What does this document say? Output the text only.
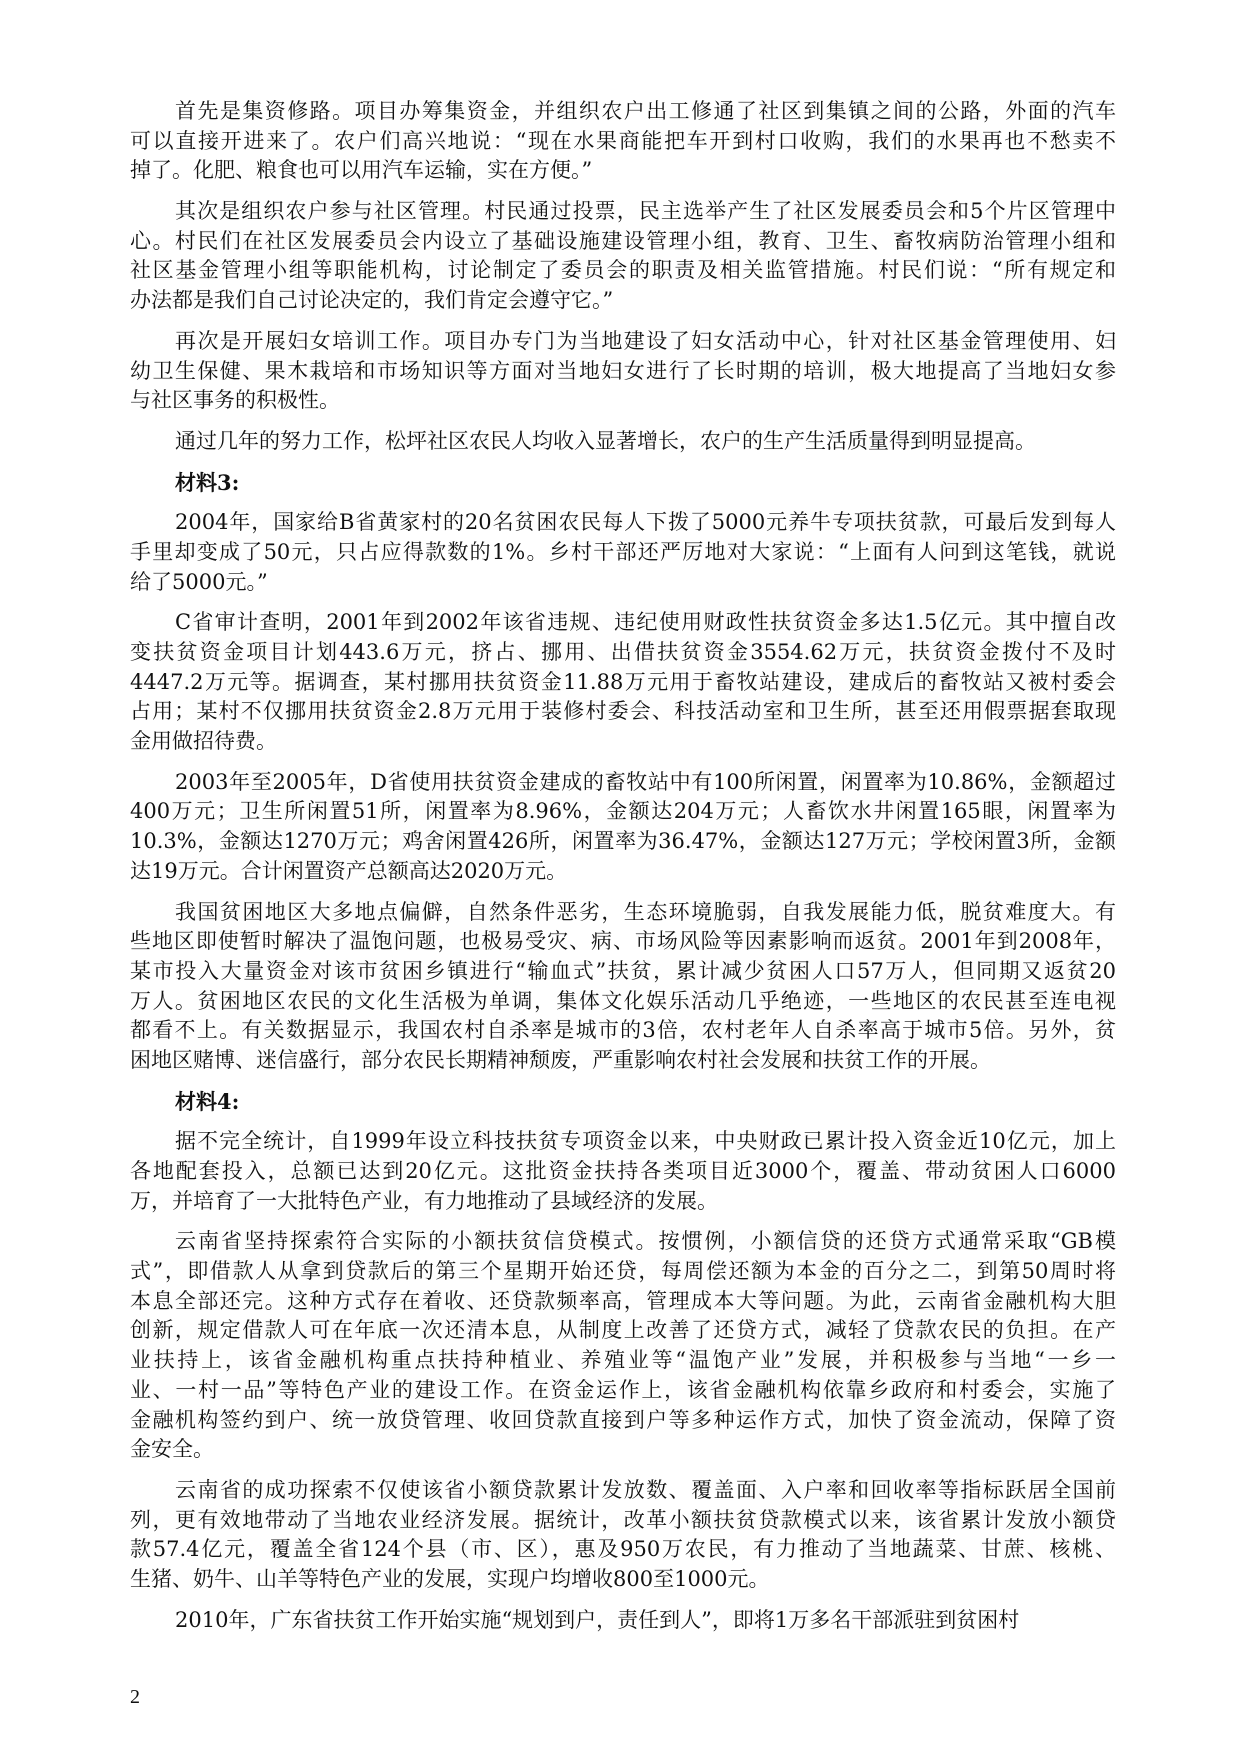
首先是集资修路。项目办筹集资金，并组织农户出工修通了社区到集镇之间的公路，外面的汽车
可以直接开进来了。农户们高兴地说：“现在水果商能把车开到村口收购，我们的水果再也不愁卖不
掉了。化肥、粮食也可以用汽车运输，实在方便。”
其次是组织农户参与社区管理。村民通过投票，民主选举产生了社区发展委员会和5个片区管理中
心。村民们在社区发展委员会内设立了基础设施建设管理小组，教育、卫生、畜牧病防治管理小组和
社区基金管理小组等职能机构，讨论制定了委员会的职责及相关监管措施。村民们说：“所有规定和
办法都是我们自己讨论决定的，我们肯定会遵守它。”
再次是开展妇女培训工作。项目办专门为当地建设了妇女活动中心，针对社区基金管理使用、妇
幼卫生保健、果木栽培和市场知识等方面对当地妇女进行了长时期的培训，极大地提高了当地妇女参
与社区事务的积极性。
通过几年的努力工作，松坪社区农民人均收入显著增长，农户的生产生活质量得到明显提高。
材料3:
2004年，国家给B省黄家村的20名贫困农民每人下拨了5000元养牛专项扶贫款，可最后发到每人
手里却变成了50元，只占应得款数的1%。乡村干部还严厉地对大家说：“上面有人问到这笔钱，就说
给了5000元。”
C省审计查明，2001年到2002年该省违规、违纪使用财政性扶贫资金多达1.5亿元。其中擅自改
变扶贫资金项目计划443.6万元，挤占、挪用、出借扶贫资金3554.62万元，扶贫资金拨付不及时
4447.2万元等。据调查，某村挪用扶贫资金11.88万元用于畜牧站建设，建成后的畜牧站又被村委会
占用；某村不仅挪用扶贫资金2.8万元用于装修村委会、科技活动室和卫生所，甚至还用假票据套取现
金用做招待费。
2003年至2005年，D省使用扶贫资金建成的畜牧站中有100所闲置，闲置率为10.86%，金额超过
400万元；卫生所闲置51所，闲置率为8.96%，金额达204万元；人畜饮水井闲置165眼，闲置率为
10.3%，金额达1270万元；鸡舍闲置426所，闲置率为36.47%，金额达127万元；学校闲置3所，金额
达19万元。合计闲置资产总额高达2020万元。
我国贫困地区大多地点偏僻，自然条件恶劣，生态环境脆弱，自我发展能力低，脱贫难度大。有
些地区即使暂时解决了温饱问题，也极易受灾、病、市场风险等因素影响而返贫。2001年到2008年，
某市投入大量资金对该市贫困乡镇进行“输血式”扶贫，累计减少贫困人口57万人，但同期又返贫20
万人。贫困地区农民的文化生活极为单调，集体文化娱乐活动几乎绝迹，一些地区的农民甚至连电视
都看不上。有关数据显示，我国农村自杀率是城市的3倍，农村老年人自杀率高于城市5倍。另外，贫
困地区赌博、迷信盛行，部分农民长期精神颓废，严重影响农村社会发展和扶贫工作的开展。
材料4:
据不完全统计，自1999年设立科技扶贫专项资金以来，中央财政已累计投入资金近10亿元，加上
各地配套投入，总额已达到20亿元。这批资金扶持各类项目近3000个，覆盖、带动贫困人口6000
万，并培育了一大批特色产业，有力地推动了县域经济的发展。
云南省坚持探索符合实际的小额扶贫信贷模式。按惯例，小额信贷的还贷方式通常采取“GB模
式”，即借款人从拿到贷款后的第三个星期开始还贷，每周偿还额为本金的百分之二，到第50周时将
本息全部还完。这种方式存在着收、还贷款频率高，管理成本大等问题。为此，云南省金融机构大胆
创新，规定借款人可在年底一次还清本息，从制度上改善了还贷方式，减轻了贷款农民的负担。在产
业扶持上，该省金融机构重点扶持种植业、养殖业等“温饱产业”发展，并积极参与当地“一乡一
业、一村一品”等特色产业的建设工作。在资金运作上，该省金融机构依靠乡政府和村委会，实施了
金融机构签约到户、统一放贷管理、收回贷款直接到户等多种运作方式，加快了资金流动，保障了资
金安全。
云南省的成功探索不仅使该省小额贷款累计发放数、覆盖面、入户率和回收率等指标跃居全国前
列，更有效地带动了当地农业经济发展。据统计，改革小额扶贫贷款模式以来，该省累计发放小额贷
款57.4亿元，覆盖全省124个县（市、区），惠及950万农民，有力推动了当地蔬菜、甘蔗、核桃、
生猪、奶牛、山羊等特色产业的发展，实现户均增收800至1000元。
2010年，广东省扶贫工作开始实施“规划到户，责任到人”，即将1万多名干部派驻到贫困村
2
